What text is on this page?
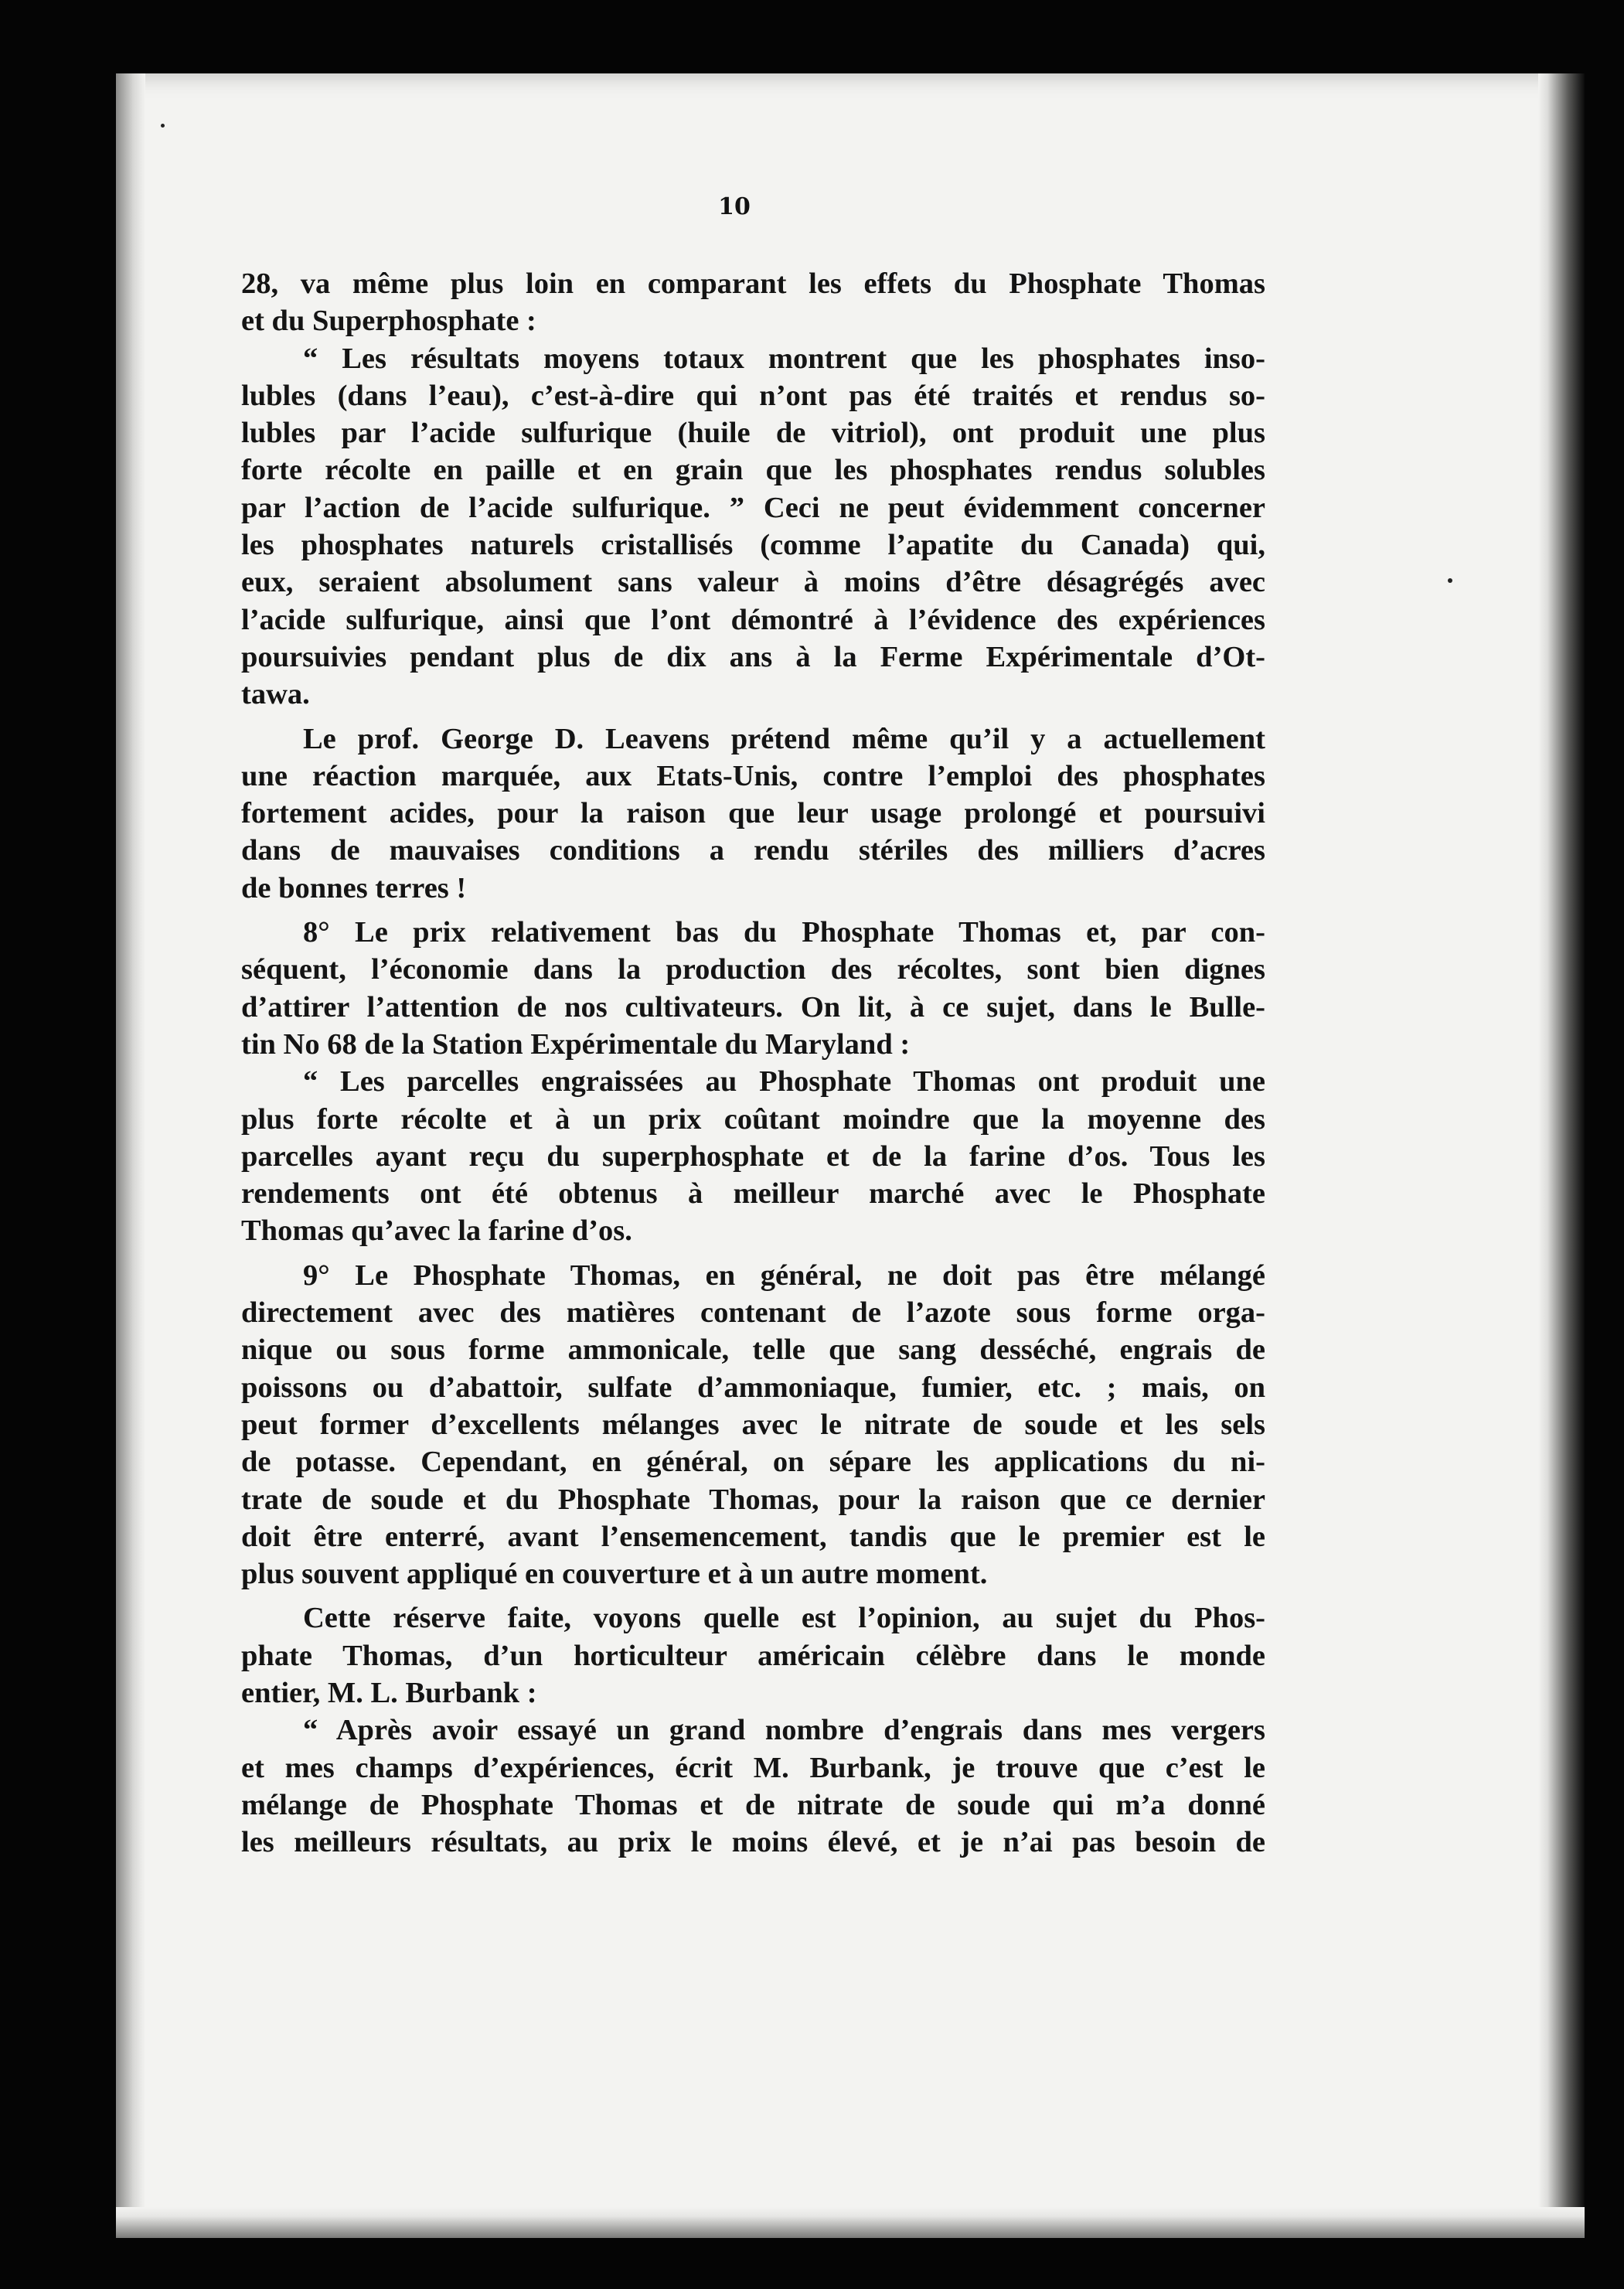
10
28, va même plus loin en comparant les effets du Phosphate Thomas
et du Superphosphate :
“ Les résultats moyens totaux montrent que les phosphates inso-
lubles (dans l’eau), c’est-à-dire qui n’ont pas été traités et rendus so-
lubles par l’acide sulfurique (huile de vitriol), ont produit une plus
forte récolte en paille et en grain que les phosphates rendus solubles
par l’action de l’acide sulfurique. ” Ceci ne peut évidemment concerner
les phosphates naturels cristallisés (comme l’apatite du Canada) qui,
eux, seraient absolument sans valeur à moins d’être désagrégés avec
l’acide sulfurique, ainsi que l’ont démontré à l’évidence des expériences
poursuivies pendant plus de dix ans à la Ferme Expérimentale d’Ot-
tawa.
Le prof. George D. Leavens prétend même qu’il y a actuellement
une réaction marquée, aux Etats-Unis, contre l’emploi des phosphates
fortement acides, pour la raison que leur usage prolongé et poursuivi
dans de mauvaises conditions a rendu stériles des milliers d’acres
de bonnes terres !
8° Le prix relativement bas du Phosphate Thomas et, par con-
séquent, l’économie dans la production des récoltes, sont bien dignes
d’attirer l’attention de nos cultivateurs. On lit, à ce sujet, dans le Bulle-
tin No 68 de la Station Expérimentale du Maryland :
“ Les parcelles engraissées au Phosphate Thomas ont produit une
plus forte récolte et à un prix coûtant moindre que la moyenne des
parcelles ayant reçu du superphosphate et de la farine d’os. Tous les
rendements ont été obtenus à meilleur marché avec le Phosphate
Thomas qu’avec la farine d’os.
9° Le Phosphate Thomas, en général, ne doit pas être mélangé
directement avec des matières contenant de l’azote sous forme orga-
nique ou sous forme ammonicale, telle que sang desséché, engrais de
poissons ou d’abattoir, sulfate d’ammoniaque, fumier, etc. ; mais, on
peut former d’excellents mélanges avec le nitrate de soude et les sels
de potasse. Cependant, en général, on sépare les applications du ni-
trate de soude et du Phosphate Thomas, pour la raison que ce dernier
doit être enterré, avant l’ensemencement, tandis que le premier est le
plus souvent appliqué en couverture et à un autre moment.
Cette réserve faite, voyons quelle est l’opinion, au sujet du Phos-
phate Thomas, d’un horticulteur américain célèbre dans le monde
entier, M. L. Burbank :
“ Après avoir essayé un grand nombre d’engrais dans mes vergers
et mes champs d’expériences, écrit M. Burbank, je trouve que c’est le
mélange de Phosphate Thomas et de nitrate de soude qui m’a donné
les meilleurs résultats, au prix le moins élevé, et je n’ai pas besoin de
